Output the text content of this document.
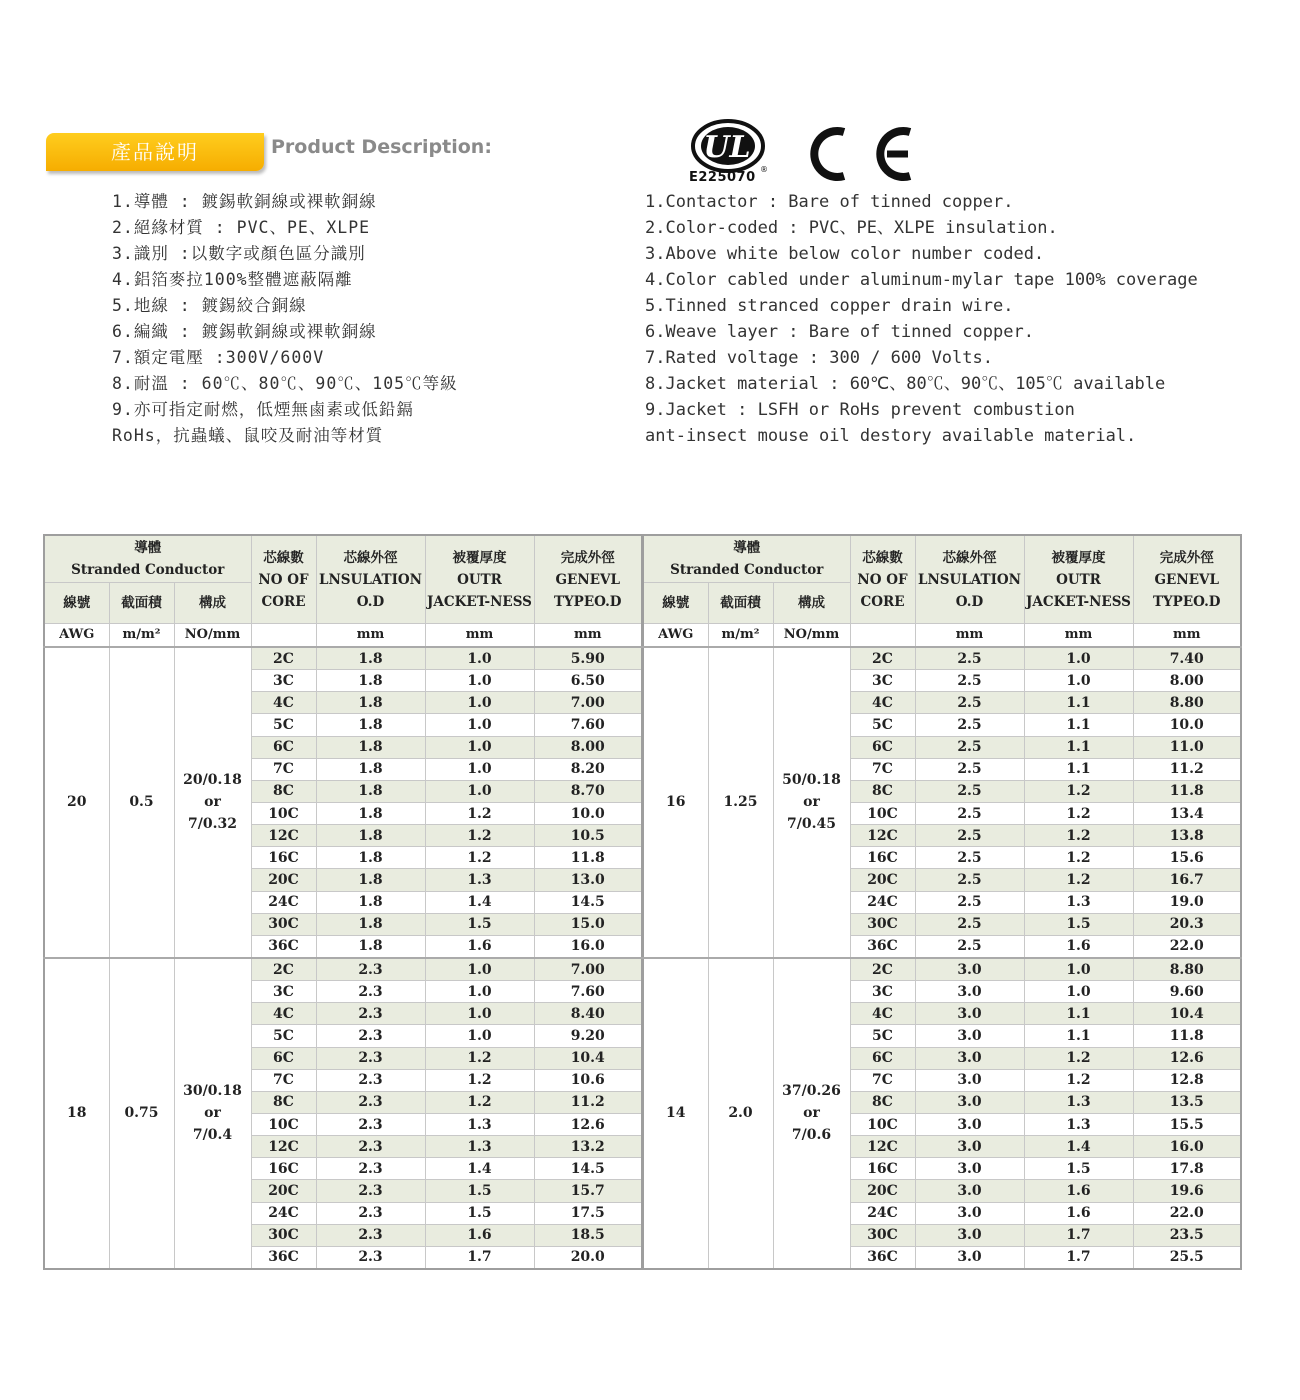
產品說明	Product Description:	UL
®
E225070
1.導體 : 鍍錫軟銅線或裸軟銅線
2.絕緣材質 : PVC、PE、XLPE
3.識別 :以數字或顏色區分識別
4.鋁箔麥拉100%整體遮蔽隔離
5.地線 : 鍍錫絞合銅線
6.編織 : 鍍錫軟銅線或裸軟銅線
7.額定電壓 :300V/600V
8.耐溫 : 60℃、80℃、90℃、105℃等級
9.亦可指定耐燃，低煙無鹵素或低鉛鎘
RoHs，抗蟲蟻、鼠咬及耐油等材質
1.Contactor : Bare of tinned copper.
2.Color-coded : PVC、PE、XLPE insulation.
3.Above white below color number coded.
4.Color cabled under aluminum-mylar tape 100% coverage
5.Tinned stranced copper drain wire.
6.Weave layer : Bare of tinned copper.
7.Rated voltage : 300 / 600 Volts.
8.Jacket material : 60℃、80℃、90℃、105℃ available
9.Jacket : LSFH or RoHs prevent combustion
ant-insect mouse oil destory available material.
導體
Stranded Conductor			芯線數
NO OF
CORE	芯線外徑
LNSULATION
O.D	被覆厚度
OUTR
JACKET-NESS	完成外徑
GENEVL
TYPEO.D
線號	截面積	構成				
AWG	m/m²	NO/mm		mm	mm	mm
20	0.5	20/0.18
or
7/0.32	2C	1.8	1.0	5.90
			3C	1.8	1.0	6.50
			4C	1.8	1.0	7.00
			5C	1.8	1.0	7.60
			6C	1.8	1.0	8.00
			7C	1.8	1.0	8.20
			8C	1.8	1.0	8.70
			10C	1.8	1.2	10.0
			12C	1.8	1.2	10.5
			16C	1.8	1.2	11.8
			20C	1.8	1.3	13.0
			24C	1.8	1.4	14.5
			30C	1.8	1.5	15.0
			36C	1.8	1.6	16.0
18	0.75	30/0.18
or
7/0.4	2C	2.3	1.0	7.00
			3C	2.3	1.0	7.60
			4C	2.3	1.0	8.40
			5C	2.3	1.0	9.20
			6C	2.3	1.2	10.4
			7C	2.3	1.2	10.6
			8C	2.3	1.2	11.2
			10C	2.3	1.3	12.6
			12C	2.3	1.3	13.2
			16C	2.3	1.4	14.5
			20C	2.3	1.5	15.7
			24C	2.3	1.5	17.5
			30C	2.3	1.6	18.5
			36C	2.3	1.7	20.0
導體
Stranded Conductor			芯線數
NO OF
CORE	芯線外徑
LNSULATION
O.D	被覆厚度
OUTR
JACKET-NESS	完成外徑
GENEVL
TYPEO.D
線號	截面積	構成				
AWG	m/m²	NO/mm		mm	mm	mm
16	1.25	50/0.18
or
7/0.45	2C	2.5	1.0	7.40
			3C	2.5	1.0	8.00
			4C	2.5	1.1	8.80
			5C	2.5	1.1	10.0
			6C	2.5	1.1	11.0
			7C	2.5	1.1	11.2
			8C	2.5	1.2	11.8
			10C	2.5	1.2	13.4
			12C	2.5	1.2	13.8
			16C	2.5	1.2	15.6
			20C	2.5	1.2	16.7
			24C	2.5	1.3	19.0
			30C	2.5	1.5	20.3
			36C	2.5	1.6	22.0
14	2.0	37/0.26
or
7/0.6	2C	3.0	1.0	8.80
			3C	3.0	1.0	9.60
			4C	3.0	1.1	10.4
			5C	3.0	1.1	11.8
			6C	3.0	1.2	12.6
			7C	3.0	1.2	12.8
			8C	3.0	1.3	13.5
			10C	3.0	1.3	15.5
			12C	3.0	1.4	16.0
			16C	3.0	1.5	17.8
			20C	3.0	1.6	19.6
			24C	3.0	1.6	22.0
			30C	3.0	1.7	23.5
			36C	3.0	1.7	25.5
